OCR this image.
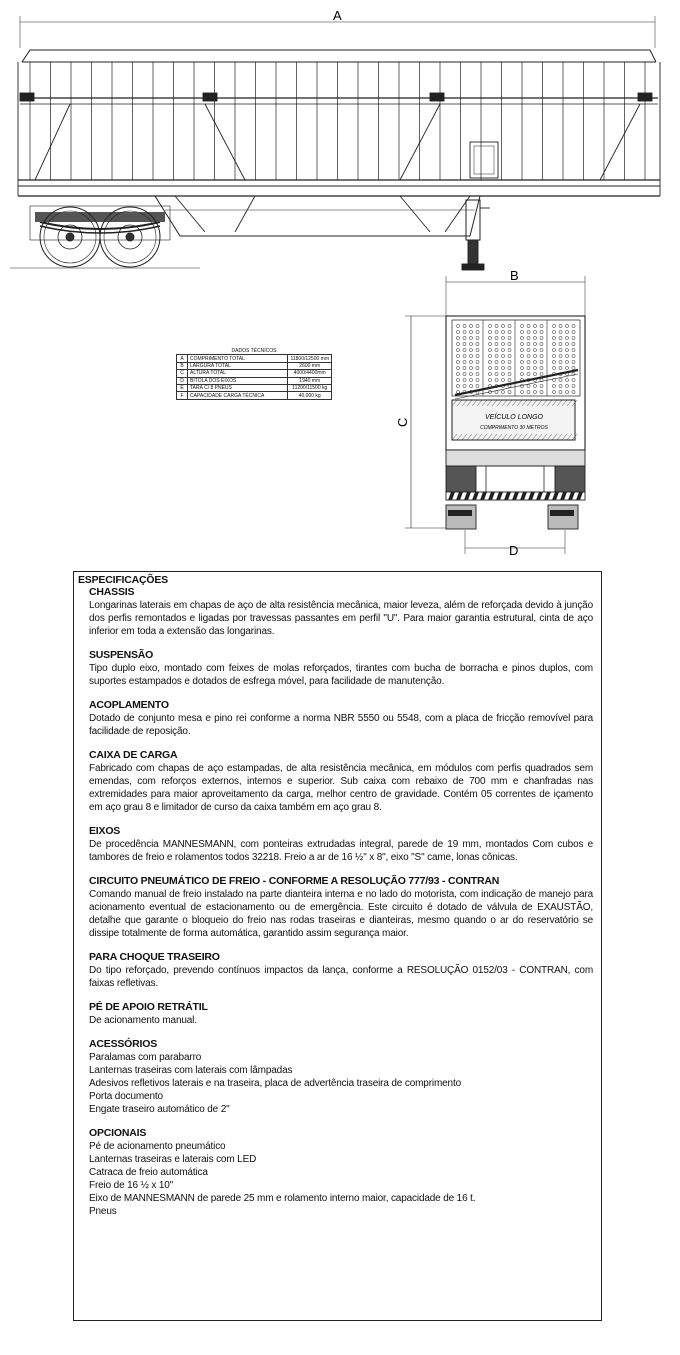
A
B
C
D
VEÍCULO LONGO
COMPRIMENTO 30 METROS
DADOS TÉCNICOS		
A	COMPRIMENTO TOTAL	11800/12500 mm
B	LARGURA TOTAL	2600 mm
C	ALTURA TOTAL	4000/4400mm
D	BITOLA DOS EIXOS	1940 mm
E	TARA C/ 8 PNEUS	11200/11500 kg
F	CAPACIDADE CARGA TÉCNICA	40.000 kg
ESPECIFICAÇÕES
CHASSIS

Longarinas laterais em chapas de aço de alta resistência mecânica, maior leveza, além de reforçada devido à junção dos perfis remontados e ligadas por travessas passantes em perfil "U". Para maior garantia estrutural, cinta de aço inferior em toda a extensão das longarinas.

SUSPENSÃO

Tipo duplo eixo, montado com feixes de molas reforçados, tirantes com bucha de borracha e pinos duplos, com suportes estampados e dotados de esfrega móvel, para facilidade de manutenção.

ACOPLAMENTO

Dotado de conjunto mesa e pino rei conforme a norma NBR 5550 ou 5548, com a placa de fricção removível para facilidade de reposição.

CAIXA DE CARGA

Fabricado com chapas de aço estampadas, de alta resistência mecânica, em módulos com perfis quadrados sem emendas, com reforços externos, internos e superior. Sub caixa com rebaixo de 700 mm e chanfradas nas extremidades para maior aproveitamento da carga, melhor centro de gravidade. Contém 05 correntes de içamento em aço grau 8 e limitador de curso da caixa também em aço grau 8.

EIXOS

De procedência MANNESMANN, com ponteiras extrudadas integral, parede de 19 mm, montados Com cubos e tambores de freio e rolamentos todos 32218. Freio a ar de 16 ½" x 8", eixo "S" came, lonas cônicas.

CIRCUITO PNEUMÁTICO DE FREIO - CONFORME A RESOLUÇÃO 777/93 - CONTRAN

Comando manual de freio instalado na parte dianteira interna e no lado do motorista, com indicação de manejo para acionamento eventual de estacionamento ou de emergência. Este circuito é dotado de válvula de EXAUSTÃO, detalhe que garante o bloqueio do freio nas rodas traseiras e dianteiras, mesmo quando o ar do reservatório se dissipe totalmente de forma automática, garantido assim segurança maior.

PARA CHOQUE TRASEIRO

Do tipo reforçado, prevendo contínuos impactos da lança, conforme a RESOLUÇÃO 0152/03 - CONTRAN, com faixas refletivas.

PÉ DE APOIO RETRÁTIL

De acionamento manual.

ACESSÓRIOS
Paralamas com parabarro
Lanternas traseiras com laterais com lâmpadas
Adesivos refletivos laterais e na traseira, placa de advertência traseira de comprimento
Porta documento
Engate traseiro automático de 2"
OPCIONAIS
Pé de acionamento pneumático
Lanternas traseiras e laterais com LED
Catraca de freio automática
Freio de 16 ½ x 10"
Eixo de MANNESMANN de parede 25 mm e rolamento interno maior, capacidade de 16 t.
Pneus
